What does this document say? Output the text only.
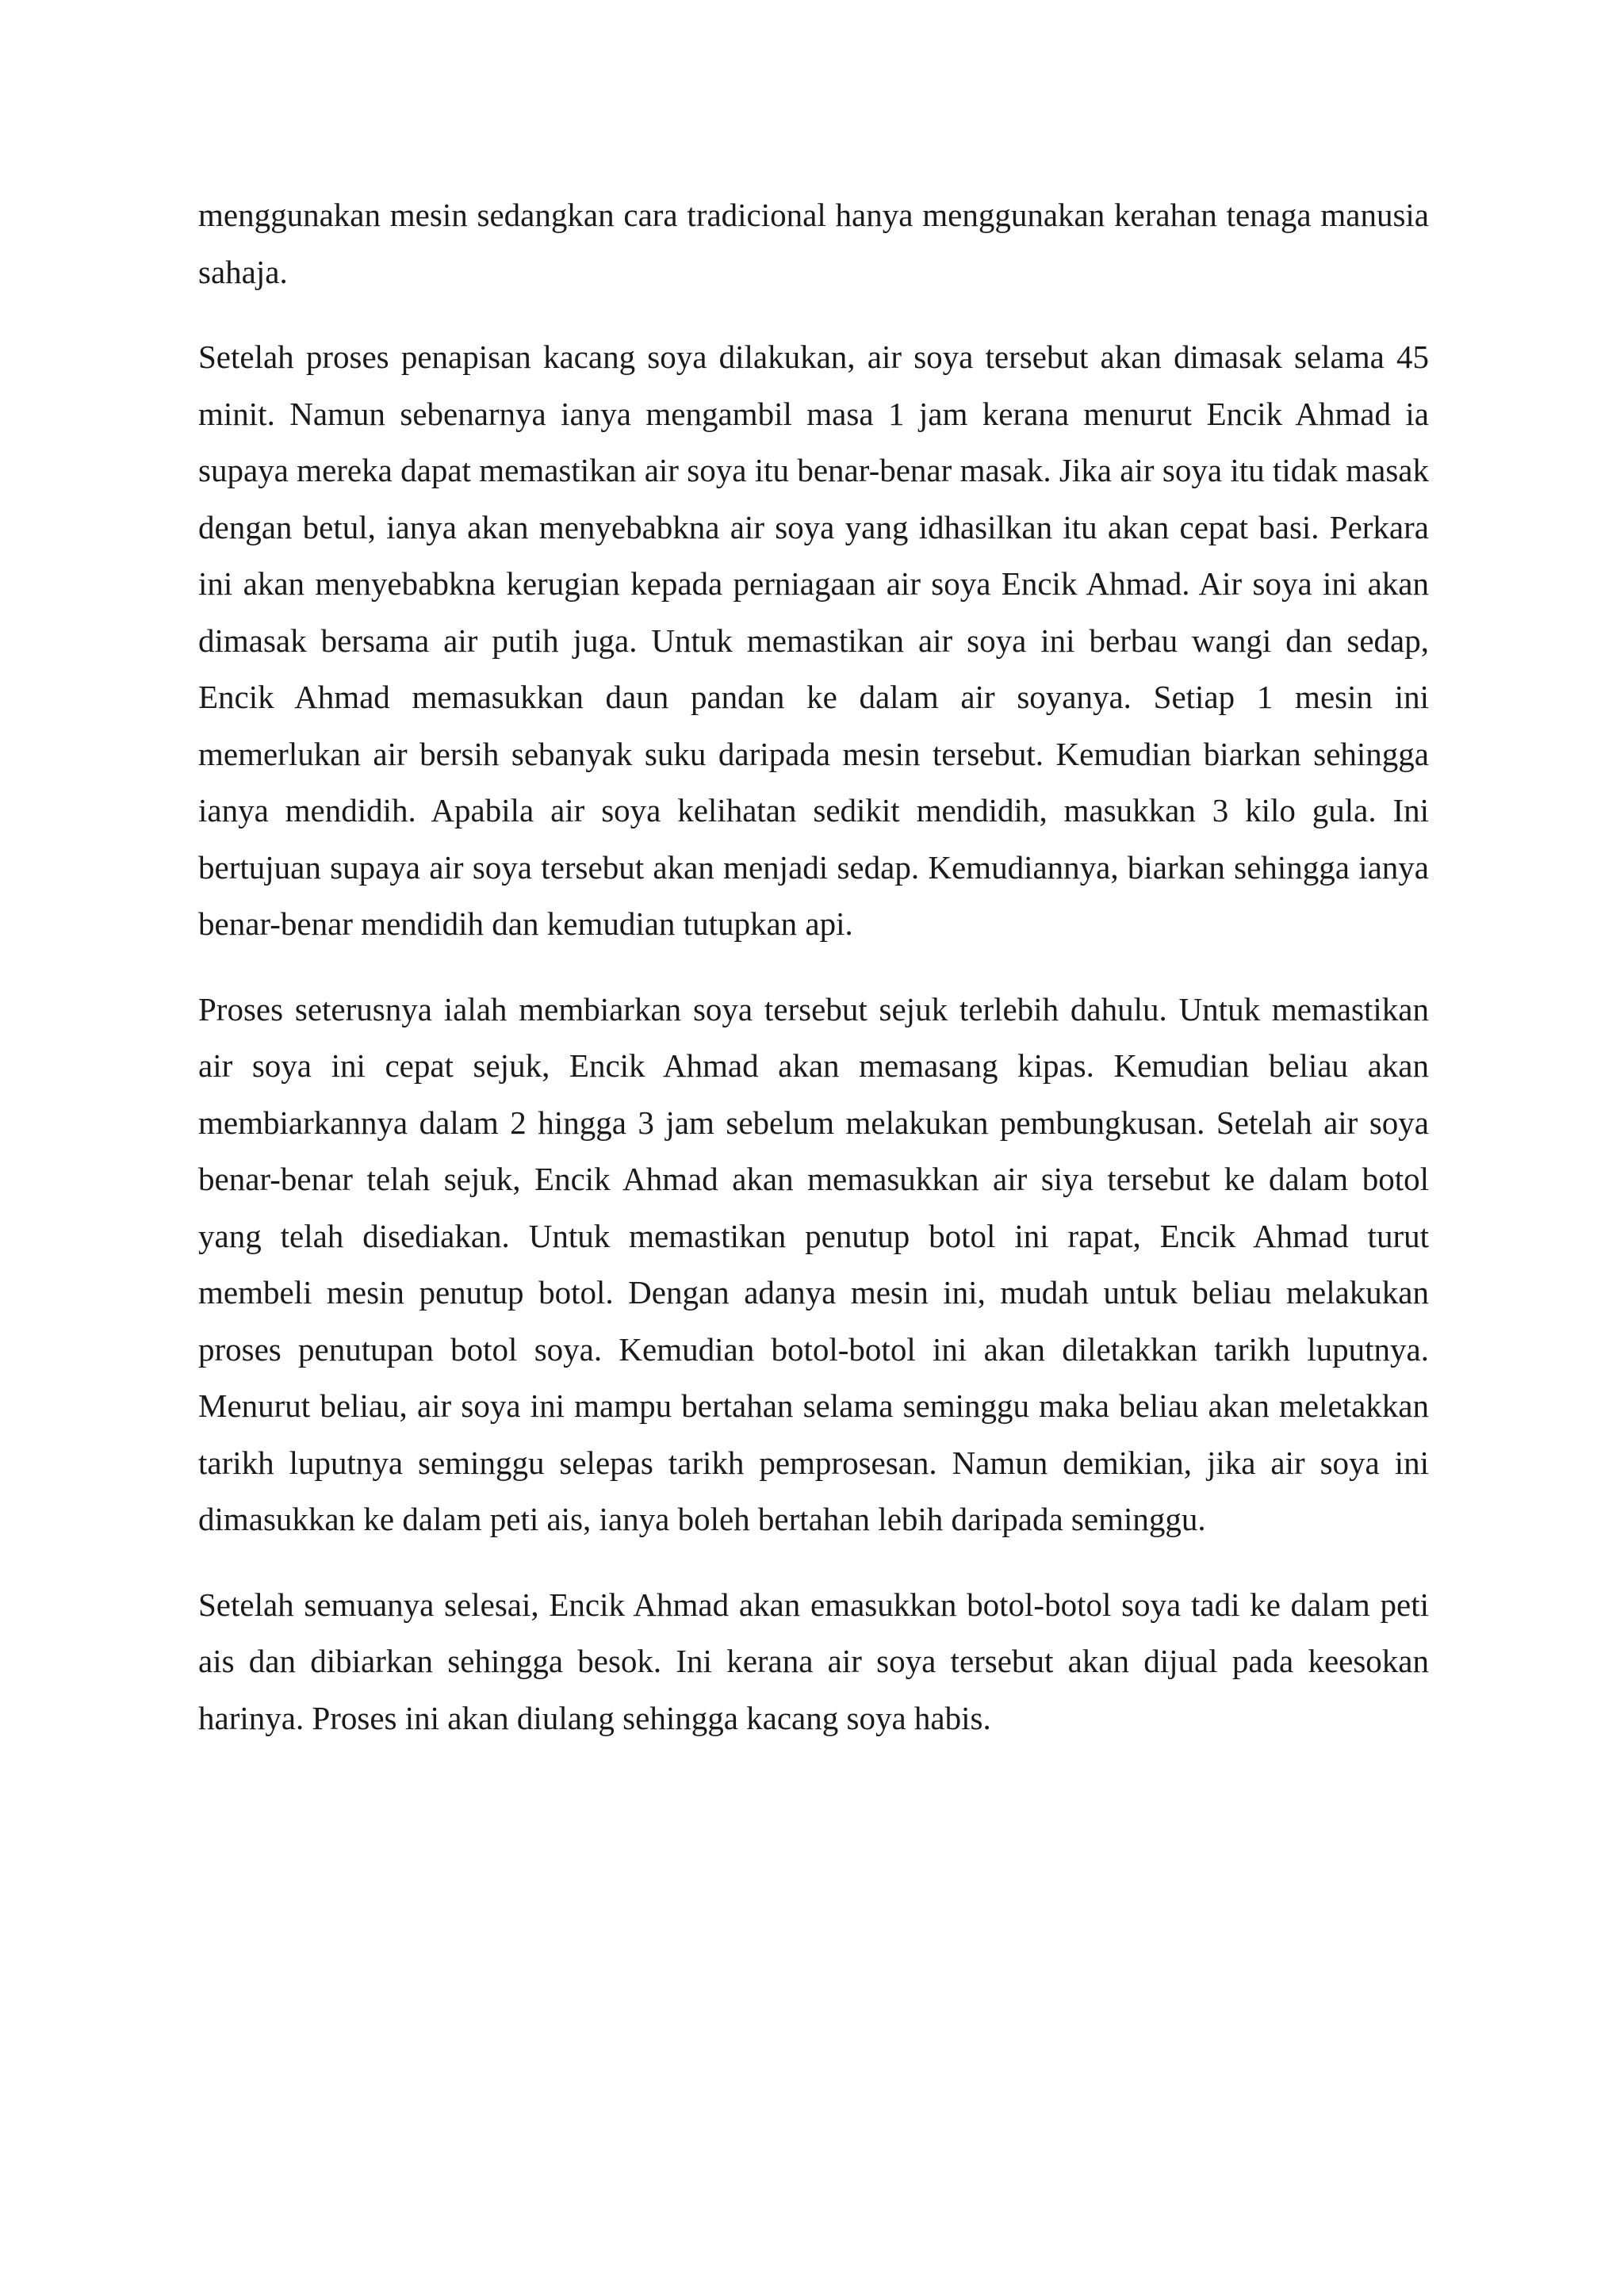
menggunakan mesin sedangkan cara tradicional hanya menggunakan kerahan tenaga manusia sahaja.

Setelah proses penapisan kacang soya dilakukan, air soya tersebut akan dimasak selama 45 minit. Namun sebenarnya ianya mengambil masa 1 jam kerana menurut Encik Ahmad ia supaya mereka dapat memastikan air soya itu benar-benar masak. Jika air soya itu tidak masak dengan betul, ianya akan menyebabkna air soya yang idhasilkan itu akan cepat basi. Perkara ini akan menyebabkna kerugian kepada perniagaan air soya Encik Ahmad. Air soya ini akan dimasak bersama air putih juga. Untuk memastikan air soya ini berbau wangi dan sedap, Encik Ahmad memasukkan daun pandan ke dalam air soyanya. Setiap 1 mesin ini memerlukan air bersih sebanyak suku daripada mesin tersebut. Kemudian biarkan sehingga ianya mendidih. Apabila air soya kelihatan sedikit mendidih, masukkan 3 kilo gula. Ini bertujuan supaya air soya tersebut akan menjadi sedap. Kemudiannya, biarkan sehingga ianya benar-benar mendidih dan kemudian tutupkan api.

Proses seterusnya ialah membiarkan soya tersebut sejuk terlebih dahulu. Untuk memastikan air soya ini cepat sejuk, Encik Ahmad akan memasang kipas. Kemudian beliau akan membiarkannya dalam 2 hingga 3 jam sebelum melakukan pembungkusan. Setelah air soya benar-benar telah sejuk, Encik Ahmad akan memasukkan air siya tersebut ke dalam botol yang telah disediakan. Untuk memastikan penutup botol ini rapat, Encik Ahmad turut membeli mesin penutup botol. Dengan adanya mesin ini, mudah untuk beliau melakukan proses penutupan botol soya. Kemudian botol-botol ini akan diletakkan tarikh luputnya. Menurut beliau, air soya ini mampu bertahan selama seminggu maka beliau akan meletakkan tarikh luputnya seminggu selepas tarikh pemprosesan. Namun demikian, jika air soya ini dimasukkan ke dalam peti ais, ianya boleh bertahan lebih daripada seminggu.

Setelah semuanya selesai, Encik Ahmad akan emasukkan botol-botol soya tadi ke dalam peti ais dan dibiarkan sehingga besok. Ini kerana air soya tersebut akan dijual pada keesokan harinya. Proses ini akan diulang sehingga kacang soya habis.
